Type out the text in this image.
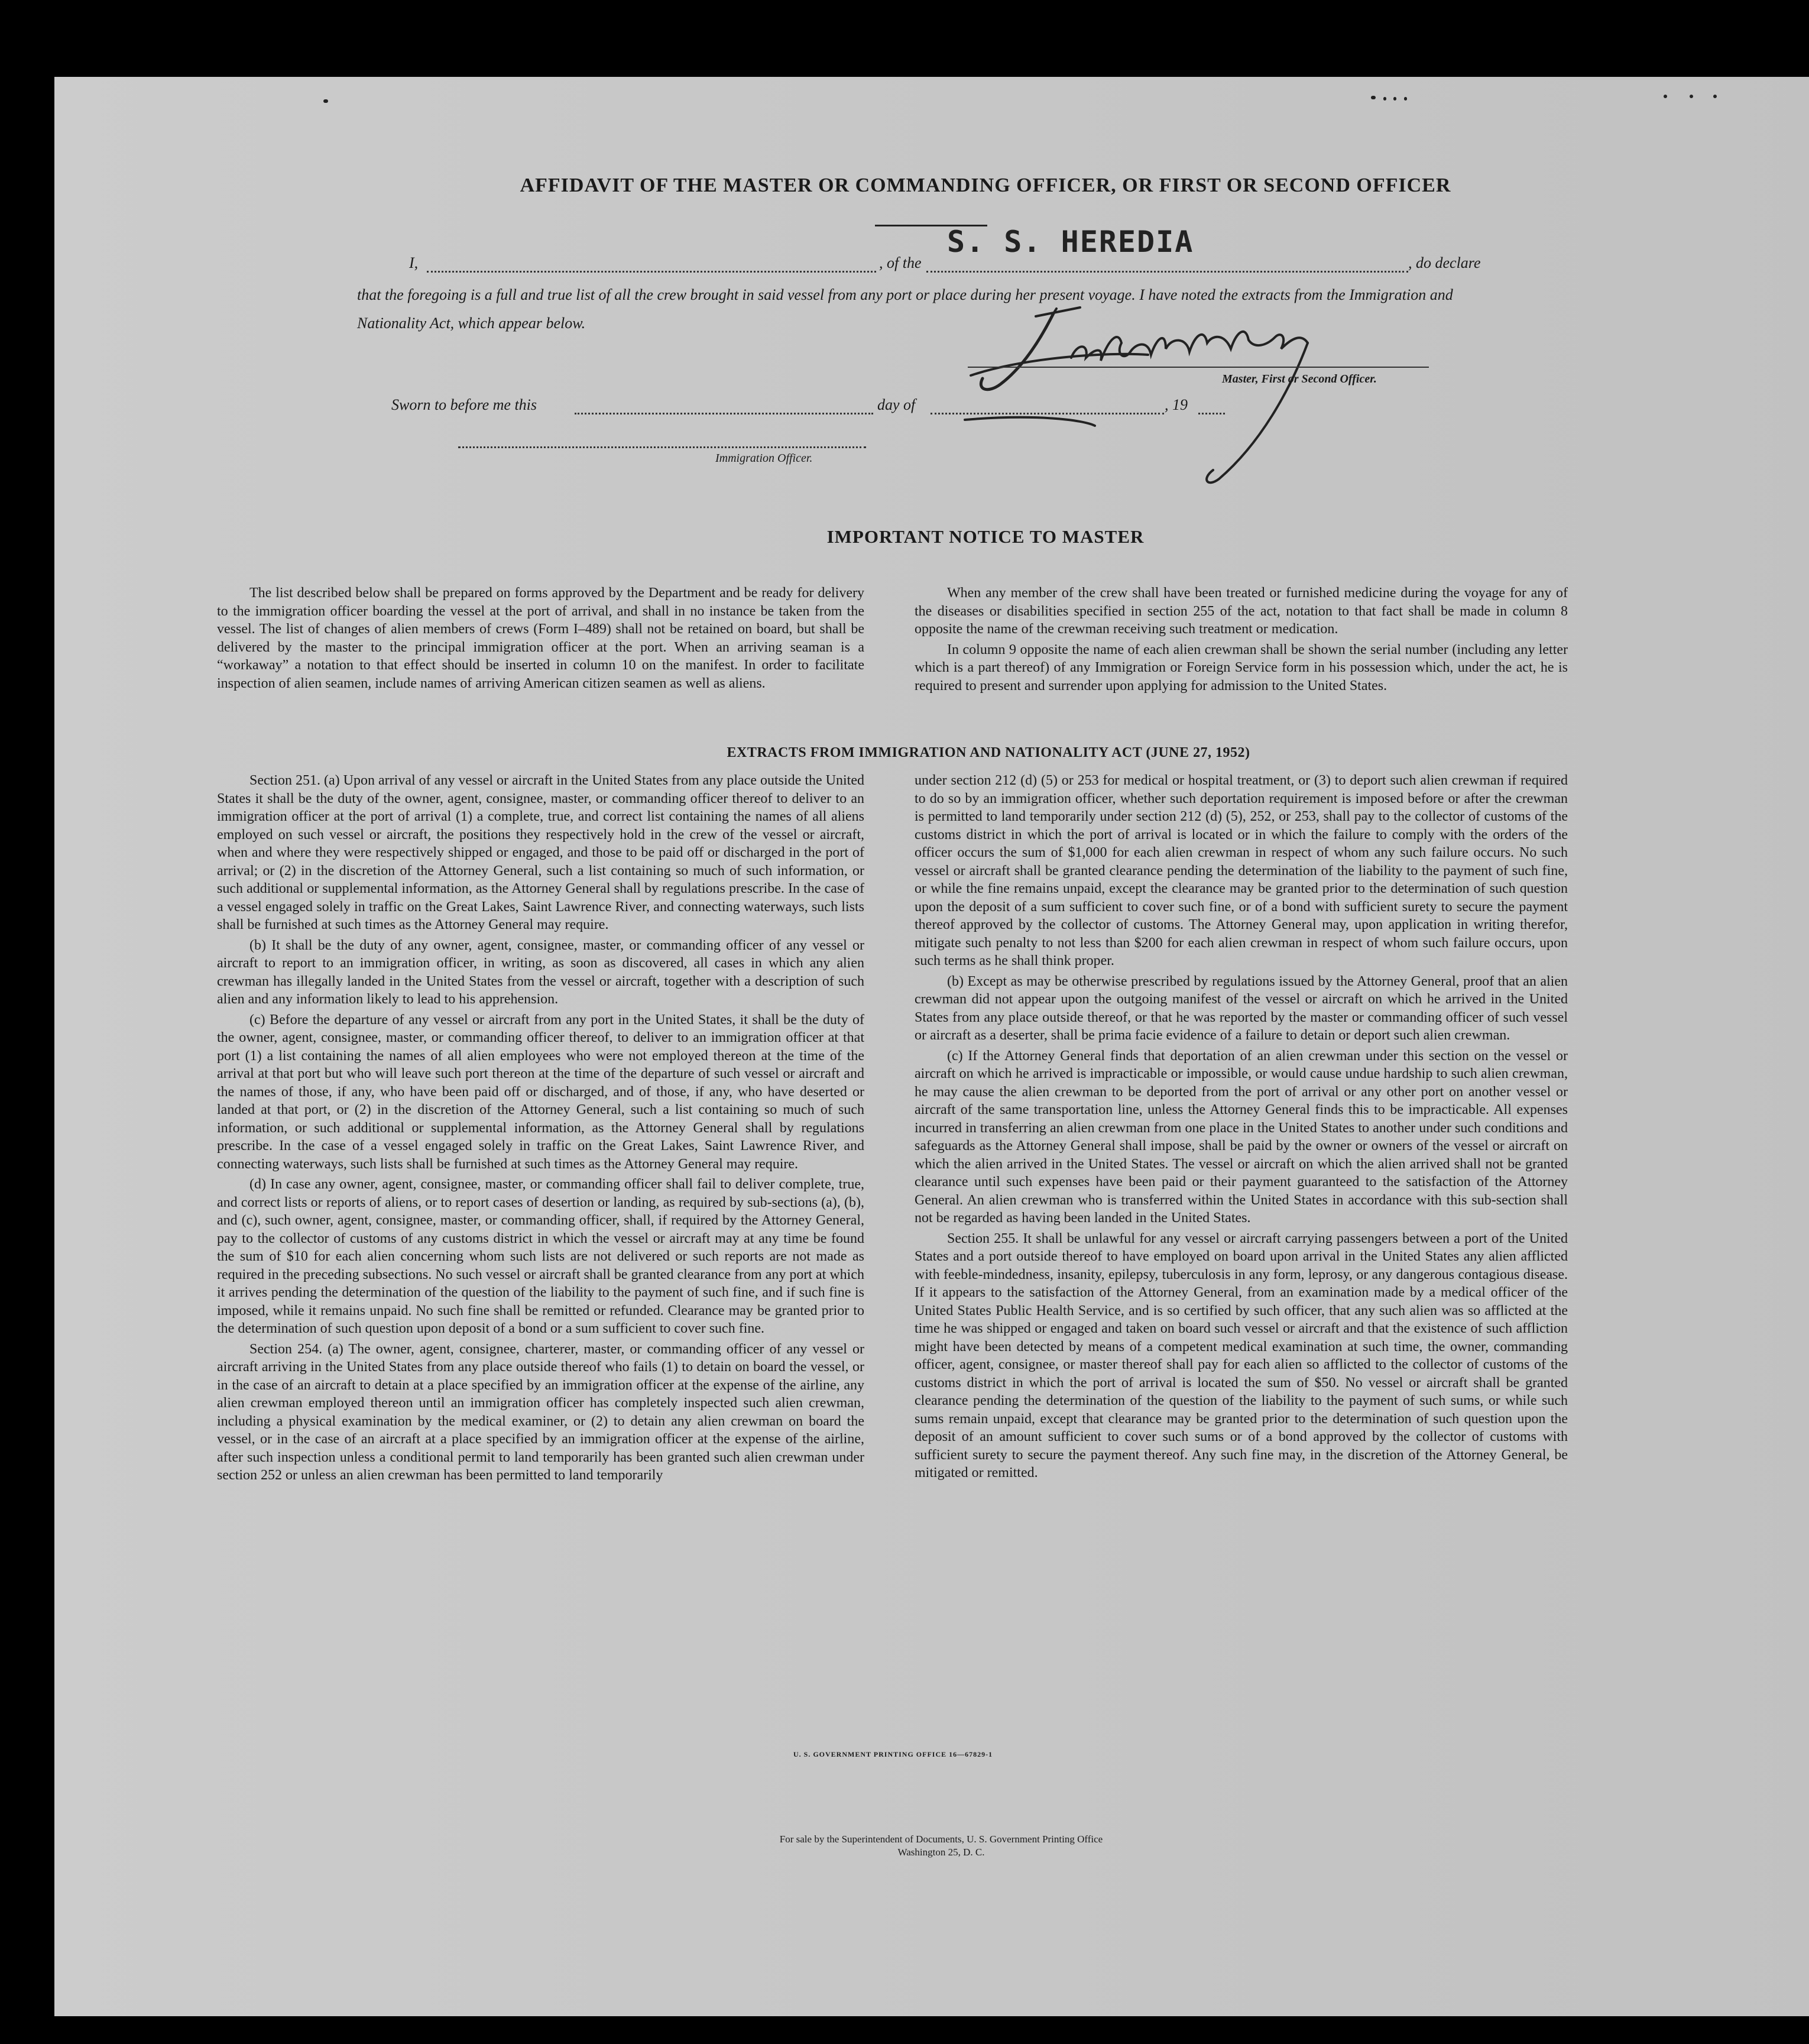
AFFIDAVIT OF THE MASTER OR COMMANDING OFFICER, OR FIRST OR SECOND OFFICER
I,	, of the
S. S. HEREDIA
, do declare
that the foregoing is a full and true list of all the crew brought in said vessel from any port or place during her present voyage. I have noted the extracts from the Immigration and Nationality Act, which appear below.
Master, First or Second Officer.
Sworn to before me this	day of	, 19
Immigration Officer.
IMPORTANT NOTICE TO MASTER

The list described below shall be prepared on forms approved by the Department and be ready for delivery to the immigration officer boarding the vessel at the port of arrival, and shall in no instance be taken from the vessel. The list of changes of alien members of crews (Form I–489) shall not be retained on board, but shall be delivered by the master to the principal immigration officer at the port. When an arriving seaman is a “workaway” a notation to that effect should be inserted in column 10 on the manifest. In order to facilitate inspection of alien seamen, include names of arriving American citizen seamen as well as aliens.

When any member of the crew shall have been treated or furnished medicine during the voyage for any of the diseases or disabilities specified in section 255 of the act, notation to that fact shall be made in column 8 opposite the name of the crewman receiving such treatment or medication.

In column 9 opposite the name of each alien crewman shall be shown the serial number (including any letter which is a part thereof) of any Immigration or Foreign Service form in his possession which, under the act, he is required to present and surrender upon applying for admission to the United States.

EXTRACTS FROM IMMIGRATION AND NATIONALITY ACT (JUNE 27, 1952)

Section 251. (a) Upon arrival of any vessel or aircraft in the United States from any place outside the United States it shall be the duty of the owner, agent, consignee, master, or commanding officer thereof to deliver to an immigration officer at the port of arrival (1) a complete, true, and correct list containing the names of all aliens employed on such vessel or aircraft, the positions they respectively hold in the crew of the vessel or aircraft, when and where they were respectively shipped or engaged, and those to be paid off or discharged in the port of arrival; or (2) in the discretion of the Attorney General, such a list containing so much of such information, or such additional or supplemental information, as the Attorney General shall by regulations prescribe. In the case of a vessel engaged solely in traffic on the Great Lakes, Saint Lawrence River, and connecting waterways, such lists shall be furnished at such times as the Attorney General may require.

(b) It shall be the duty of any owner, agent, consignee, master, or commanding officer of any vessel or aircraft to report to an immigration officer, in writing, as soon as discovered, all cases in which any alien crewman has illegally landed in the United States from the vessel or aircraft, together with a description of such alien and any information likely to lead to his apprehension.

(c) Before the departure of any vessel or aircraft from any port in the United States, it shall be the duty of the owner, agent, consignee, master, or commanding officer thereof, to deliver to an immigration officer at that port (1) a list containing the names of all alien employees who were not employed thereon at the time of the arrival at that port but who will leave such port thereon at the time of the departure of such vessel or aircraft and the names of those, if any, who have been paid off or discharged, and of those, if any, who have deserted or landed at that port, or (2) in the discretion of the Attorney General, such a list containing so much of such information, or such additional or supplemental information, as the Attorney General shall by regulations prescribe. In the case of a vessel engaged solely in traffic on the Great Lakes, Saint Lawrence River, and connecting waterways, such lists shall be furnished at such times as the Attorney General may require.

(d) In case any owner, agent, consignee, master, or commanding officer shall fail to deliver complete, true, and correct lists or reports of aliens, or to report cases of desertion or landing, as required by sub-sections (a), (b), and (c), such owner, agent, consignee, master, or commanding officer, shall, if required by the Attorney General, pay to the collector of customs of any customs district in which the vessel or aircraft may at any time be found the sum of $10 for each alien concerning whom such lists are not delivered or such reports are not made as required in the preceding subsections. No such vessel or aircraft shall be granted clearance from any port at which it arrives pending the determination of the question of the liability to the payment of such fine, and if such fine is imposed, while it remains unpaid. No such fine shall be remitted or refunded. Clearance may be granted prior to the determination of such question upon deposit of a bond or a sum sufficient to cover such fine.

Section 254. (a) The owner, agent, consignee, charterer, master, or commanding officer of any vessel or aircraft arriving in the United States from any place outside thereof who fails (1) to detain on board the vessel, or in the case of an aircraft to detain at a place specified by an immigration officer at the expense of the airline, any alien crewman employed thereon until an immigration officer has completely inspected such alien crewman, including a physical examination by the medical examiner, or (2) to detain any alien crewman on board the vessel, or in the case of an aircraft at a place specified by an immigration officer at the expense of the airline, after such inspection unless a conditional permit to land temporarily has been granted such alien crewman under section 252 or unless an alien crewman has been permitted to land temporarily

under section 212 (d) (5) or 253 for medical or hospital treatment, or (3) to deport such alien crewman if required to do so by an immigration officer, whether such deportation requirement is imposed before or after the crewman is permitted to land temporarily under section 212 (d) (5), 252, or 253, shall pay to the collector of customs of the customs district in which the port of arrival is located or in which the failure to comply with the orders of the officer occurs the sum of $1,000 for each alien crewman in respect of whom any such failure occurs. No such vessel or aircraft shall be granted clearance pending the determination of the liability to the payment of such fine, or while the fine remains unpaid, except the clearance may be granted prior to the determination of such question upon the deposit of a sum sufficient to cover such fine, or of a bond with sufficient surety to secure the payment thereof approved by the collector of customs. The Attorney General may, upon application in writing therefor, mitigate such penalty to not less than $200 for each alien crewman in respect of whom such failure occurs, upon such terms as he shall think proper.

(b) Except as may be otherwise prescribed by regulations issued by the Attorney General, proof that an alien crewman did not appear upon the outgoing manifest of the vessel or aircraft on which he arrived in the United States from any place outside thereof, or that he was reported by the master or commanding officer of such vessel or aircraft as a deserter, shall be prima facie evidence of a failure to detain or deport such alien crewman.

(c) If the Attorney General finds that deportation of an alien crewman under this section on the vessel or aircraft on which he arrived is impracticable or impossible, or would cause undue hardship to such alien crewman, he may cause the alien crewman to be deported from the port of arrival or any other port on another vessel or aircraft of the same transportation line, unless the Attorney General finds this to be impracticable. All expenses incurred in transferring an alien crewman from one place in the United States to another under such conditions and safeguards as the Attorney General shall impose, shall be paid by the owner or owners of the vessel or aircraft on which the alien arrived in the United States. The vessel or aircraft on which the alien arrived shall not be granted clearance until such expenses have been paid or their payment guaranteed to the satisfaction of the Attorney General. An alien crewman who is transferred within the United States in accordance with this sub-section shall not be regarded as having been landed in the United States.

Section 255. It shall be unlawful for any vessel or aircraft carrying passengers between a port of the United States and a port outside thereof to have employed on board upon arrival in the United States any alien afflicted with feeble-mindedness, insanity, epilepsy, tuberculosis in any form, leprosy, or any dangerous contagious disease. If it appears to the satisfaction of the Attorney General, from an examination made by a medical officer of the United States Public Health Service, and is so certified by such officer, that any such alien was so afflicted at the time he was shipped or engaged and taken on board such vessel or aircraft and that the existence of such affliction might have been detected by means of a competent medical examination at such time, the owner, commanding officer, agent, consignee, or master thereof shall pay for each alien so afflicted to the collector of customs of the customs district in which the port of arrival is located the sum of $50. No vessel or aircraft shall be granted clearance pending the determination of the question of the liability to the payment of such sums, or while such sums remain unpaid, except that clearance may be granted prior to the determination of such question upon the deposit of an amount sufficient to cover such sums or of a bond approved by the collector of customs with sufficient surety to secure the payment thereof. Any such fine may, in the discretion of the Attorney General, be mitigated or remitted.

U. S. GOVERNMENT PRINTING OFFICE 16—67829-1
For sale by the Superintendent of Documents, U. S. Government Printing Office
Washington 25, D. C.
